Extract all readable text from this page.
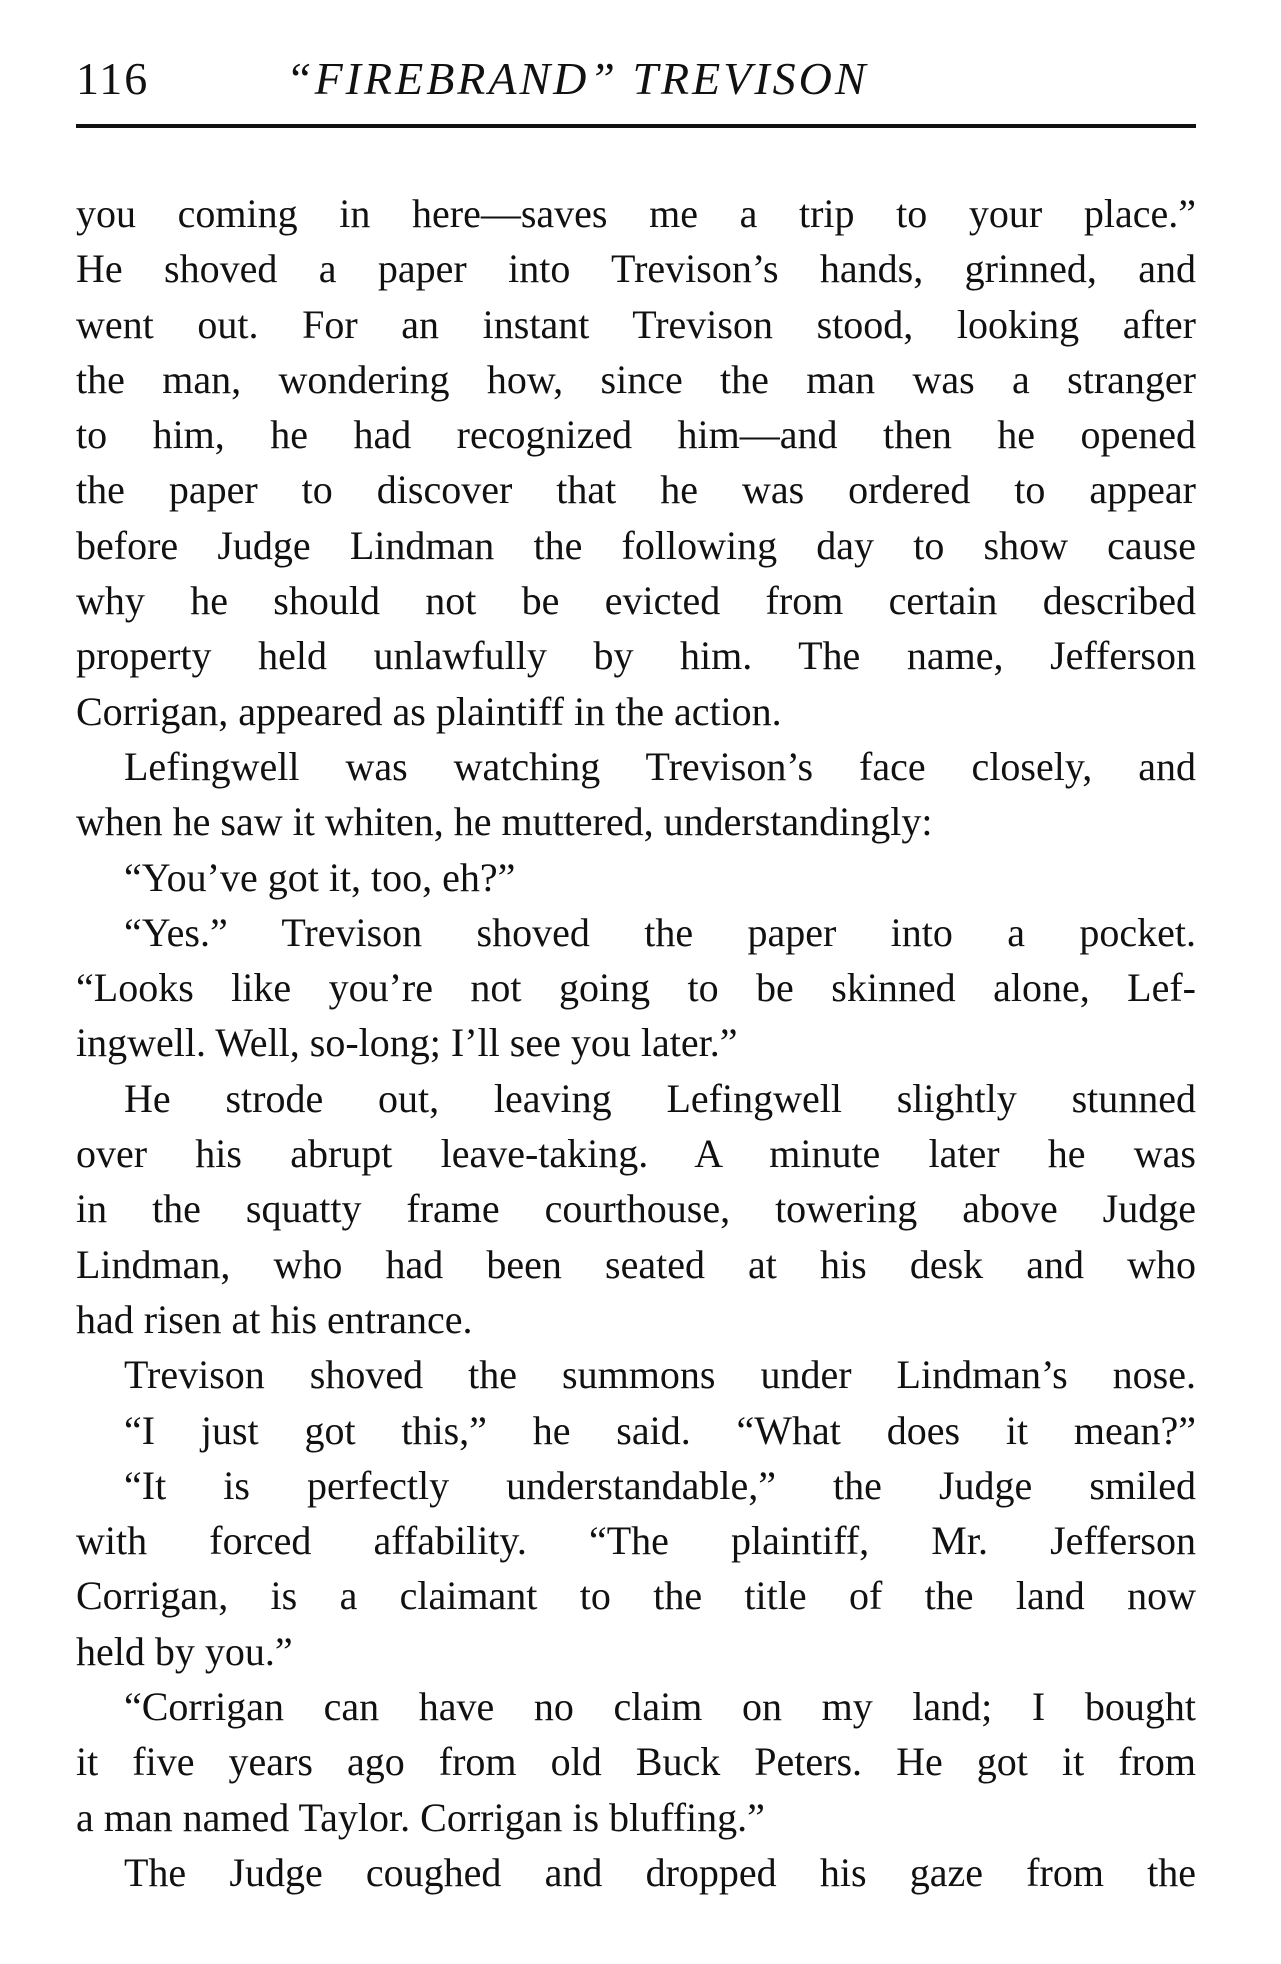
116	“FIREBRAND” TREVISON
you coming in here—saves me a trip to your place.”
He shoved a paper into Trevison’s hands, grinned, and
went out. For an instant Trevison stood, looking after
the man, wondering how, since the man was a stranger
to him, he had recognized him—and then he opened
the paper to discover that he was ordered to appear
before Judge Lindman the following day to show cause
why he should not be evicted from certain described
property held unlawfully by him. The name, Jefferson
Corrigan, appeared as plaintiff in the action.
Lefingwell was watching Trevison’s face closely, and
when he saw it whiten, he muttered, understandingly:
“You’ve got it, too, eh?”
“Yes.” Trevison shoved the paper into a pocket.
“Looks like you’re not going to be skinned alone, Lef-
ingwell. Well, so-long; I’ll see you later.”
He strode out, leaving Lefingwell slightly stunned
over his abrupt leave-taking. A minute later he was
in the squatty frame courthouse, towering above Judge
Lindman, who had been seated at his desk and who
had risen at his entrance.
Trevison shoved the summons under Lindman’s nose.
“I just got this,” he said. “What does it mean?”
“It is perfectly understandable,” the Judge smiled
with forced affability. “The plaintiff, Mr. Jefferson
Corrigan, is a claimant to the title of the land now
held by you.”
“Corrigan can have no claim on my land; I bought
it five years ago from old Buck Peters. He got it from
a man named Taylor. Corrigan is bluffing.”
The Judge coughed and dropped his gaze from the
